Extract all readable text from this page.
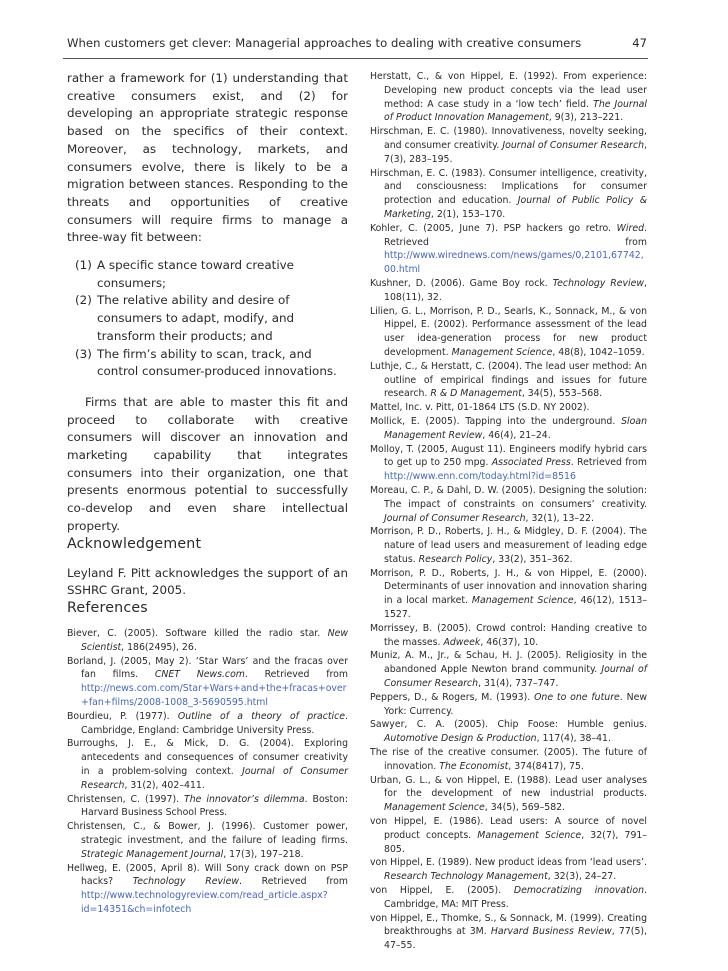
When customers get clever: Managerial approaches to dealing with creative consumers	47

rather a framework for (1) understanding that creative consumers exist, and (2) for developing an appropriate strategic response based on the specifics of their context. Moreover, as technology, markets, and consumers evolve, there is likely to be a migration between stances. Responding to the threats and opportunities of creative consumers will require firms to manage a three-way fit between:

(1) A specific stance toward creative consumers;
(2) The relative ability and desire of consumers to adapt, modify, and transform their products; and
(3) The firm’s ability to scan, track, and control consumer-produced innovations.

Firms that are able to master this fit and proceed to collaborate with creative consumers will discover an innovation and marketing capability that integrates consumers into their organization, one that presents enormous potential to successfully co-develop and even share intellectual property.

Acknowledgement

Leyland F. Pitt acknowledges the support of an SSHRC Grant, 2005.

References
Biever, C. (2005). Software killed the radio star. New Scientist, 186(2495), 26.
Borland, J. (2005, May 2). ‘Star Wars’ and the fracas over fan films. CNET News.com. Retrieved from http://news.com.com/Star+Wars+and+the+fracas+over+fan+films/2008-1008_3-5690595.html
Bourdieu, P. (1977). Outline of a theory of practice. Cambridge, England: Cambridge University Press.
Burroughs, J. E., & Mick, D. G. (2004). Exploring antecedents and consequences of consumer creativity in a problem-solving context. Journal of Consumer Research, 31(2), 402–411.
Christensen, C. (1997). The innovator’s dilemma. Boston: Harvard Business School Press.
Christensen, C., & Bower, J. (1996). Customer power, strategic investment, and the failure of leading firms. Strategic Management Journal, 17(3), 197–218.
Hellweg, E. (2005, April 8). Will Sony crack down on PSP hacks? Technology Review. Retrieved from http://www.technologyreview.com/read_article.aspx?id=14351&ch=infotech
Herstatt, C., & von Hippel, E. (1992). From experience: Developing new product concepts via the lead user method: A case study in a ‘low tech’ field. The Journal of Product Innovation Management, 9(3), 213–221.
Hirschman, E. C. (1980). Innovativeness, novelty seeking, and consumer creativity. Journal of Consumer Research, 7(3), 283–195.
Hirschman, E. C. (1983). Consumer intelligence, creativity, and consciousness: Implications for consumer protection and education. Journal of Public Policy & Marketing, 2(1), 153–170.
Kohler, C. (2005, June 7). PSP hackers go retro. Wired. Retrieved from http://www.wirednews.com/news/games/0,2101,67742,00.html
Kushner, D. (2006). Game Boy rock. Technology Review, 108(11), 32.
Lilien, G. L., Morrison, P. D., Searls, K., Sonnack, M., & von Hippel, E. (2002). Performance assessment of the lead user idea-generation process for new product development. Management Science, 48(8), 1042–1059.
Luthje, C., & Herstatt, C. (2004). The lead user method: An outline of empirical findings and issues for future research. R & D Management, 34(5), 553–568.
Mattel, Inc. v. Pitt, 01-1864 LTS (S.D. NY 2002).
Mollick, E. (2005). Tapping into the underground. Sloan Management Review, 46(4), 21–24.
Molloy, T. (2005, August 11). Engineers modify hybrid cars to get up to 250 mpg. Associated Press. Retrieved from http://www.enn.com/today.html?id=8516
Moreau, C. P., & Dahl, D. W. (2005). Designing the solution: The impact of constraints on consumers’ creativity. Journal of Consumer Research, 32(1), 13–22.
Morrison, P. D., Roberts, J. H., & Midgley, D. F. (2004). The nature of lead users and measurement of leading edge status. Research Policy, 33(2), 351–362.
Morrison, P. D., Roberts, J. H., & von Hippel, E. (2000). Determinants of user innovation and innovation sharing in a local market. Management Science, 46(12), 1513–1527.
Morrissey, B. (2005). Crowd control: Handing creative to the masses. Adweek, 46(37), 10.
Muniz, A. M., Jr., & Schau, H. J. (2005). Religiosity in the abandoned Apple Newton brand community. Journal of Consumer Research, 31(4), 737–747.
Peppers, D., & Rogers, M. (1993). One to one future. New York: Currency.
Sawyer, C. A. (2005). Chip Foose: Humble genius. Automotive Design & Production, 117(4), 38–41.
The rise of the creative consumer. (2005). The future of innovation. The Economist, 374(8417), 75.
Urban, G. L., & von Hippel, E. (1988). Lead user analyses for the development of new industrial products. Management Science, 34(5), 569–582.
von Hippel, E. (1986). Lead users: A source of novel product concepts. Management Science, 32(7), 791–805.
von Hippel, E. (1989). New product ideas from ‘lead users’. Research Technology Management, 32(3), 24–27.
von Hippel, E. (2005). Democratizing innovation. Cambridge, MA: MIT Press.
von Hippel, E., Thomke, S., & Sonnack, M. (1999). Creating breakthroughs at 3M. Harvard Business Review, 77(5), 47–55.
